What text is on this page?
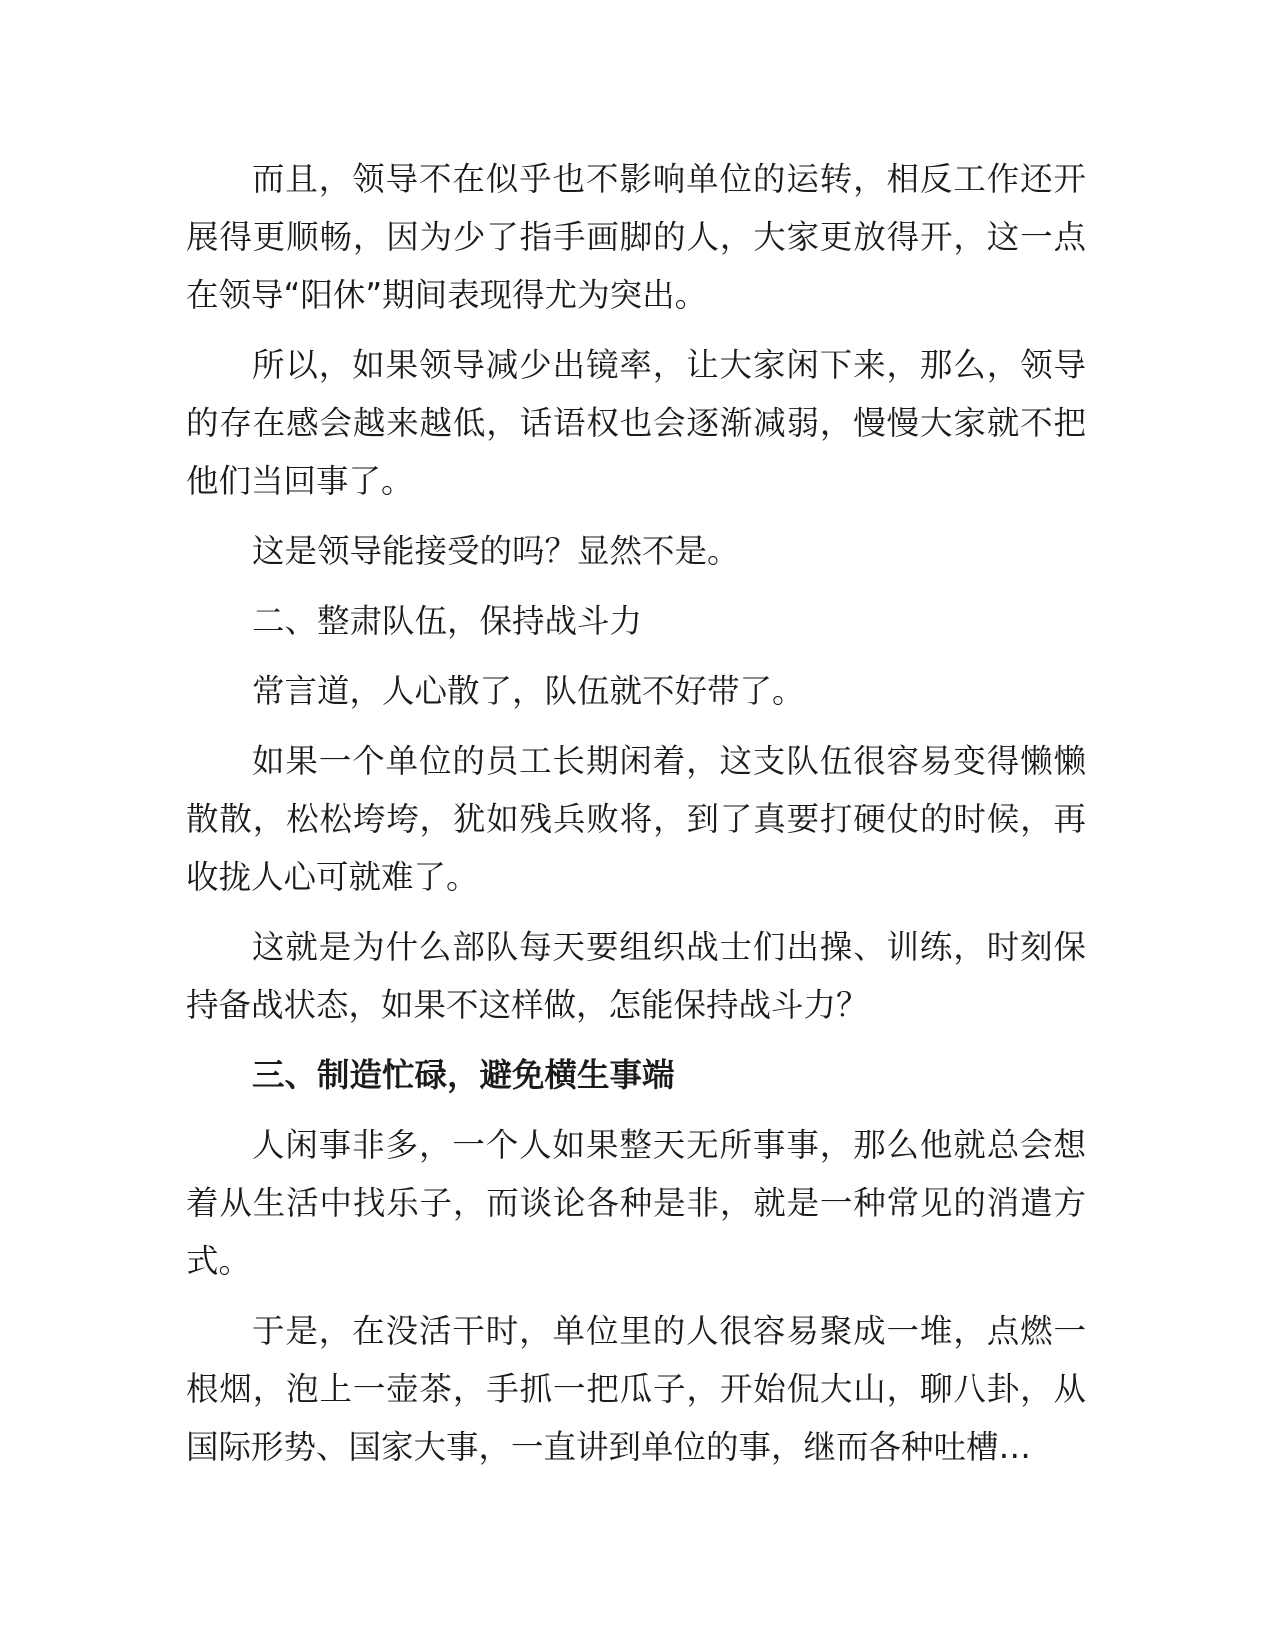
而且，领导不在似乎也不影响单位的运转，相反工作还开展得更顺畅，因为少了指手画脚的人，大家更放得开，这一点在领导“阳休”期间表现得尤为突出。

所以，如果领导减少出镜率，让大家闲下来，那么，领导的存在感会越来越低，话语权也会逐渐减弱，慢慢大家就不把他们当回事了。

这是领导能接受的吗？显然不是。

二、整肃队伍，保持战斗力

常言道，人心散了，队伍就不好带了。

如果一个单位的员工长期闲着，这支队伍很容易变得懒懒散散，松松垮垮，犹如残兵败将，到了真要打硬仗的时候，再收拢人心可就难了。

这就是为什么部队每天要组织战士们出操、训练，时刻保持备战状态，如果不这样做，怎能保持战斗力？

三、制造忙碌，避免横生事端

人闲事非多，一个人如果整天无所事事，那么他就总会想着从生活中找乐子，而谈论各种是非，就是一种常见的消遣方式。

于是，在没活干时，单位里的人很容易聚成一堆，点燃一根烟，泡上一壶茶，手抓一把瓜子，开始侃大山，聊八卦，从国际形势、国家大事，一直讲到单位的事，继而各种吐槽…
